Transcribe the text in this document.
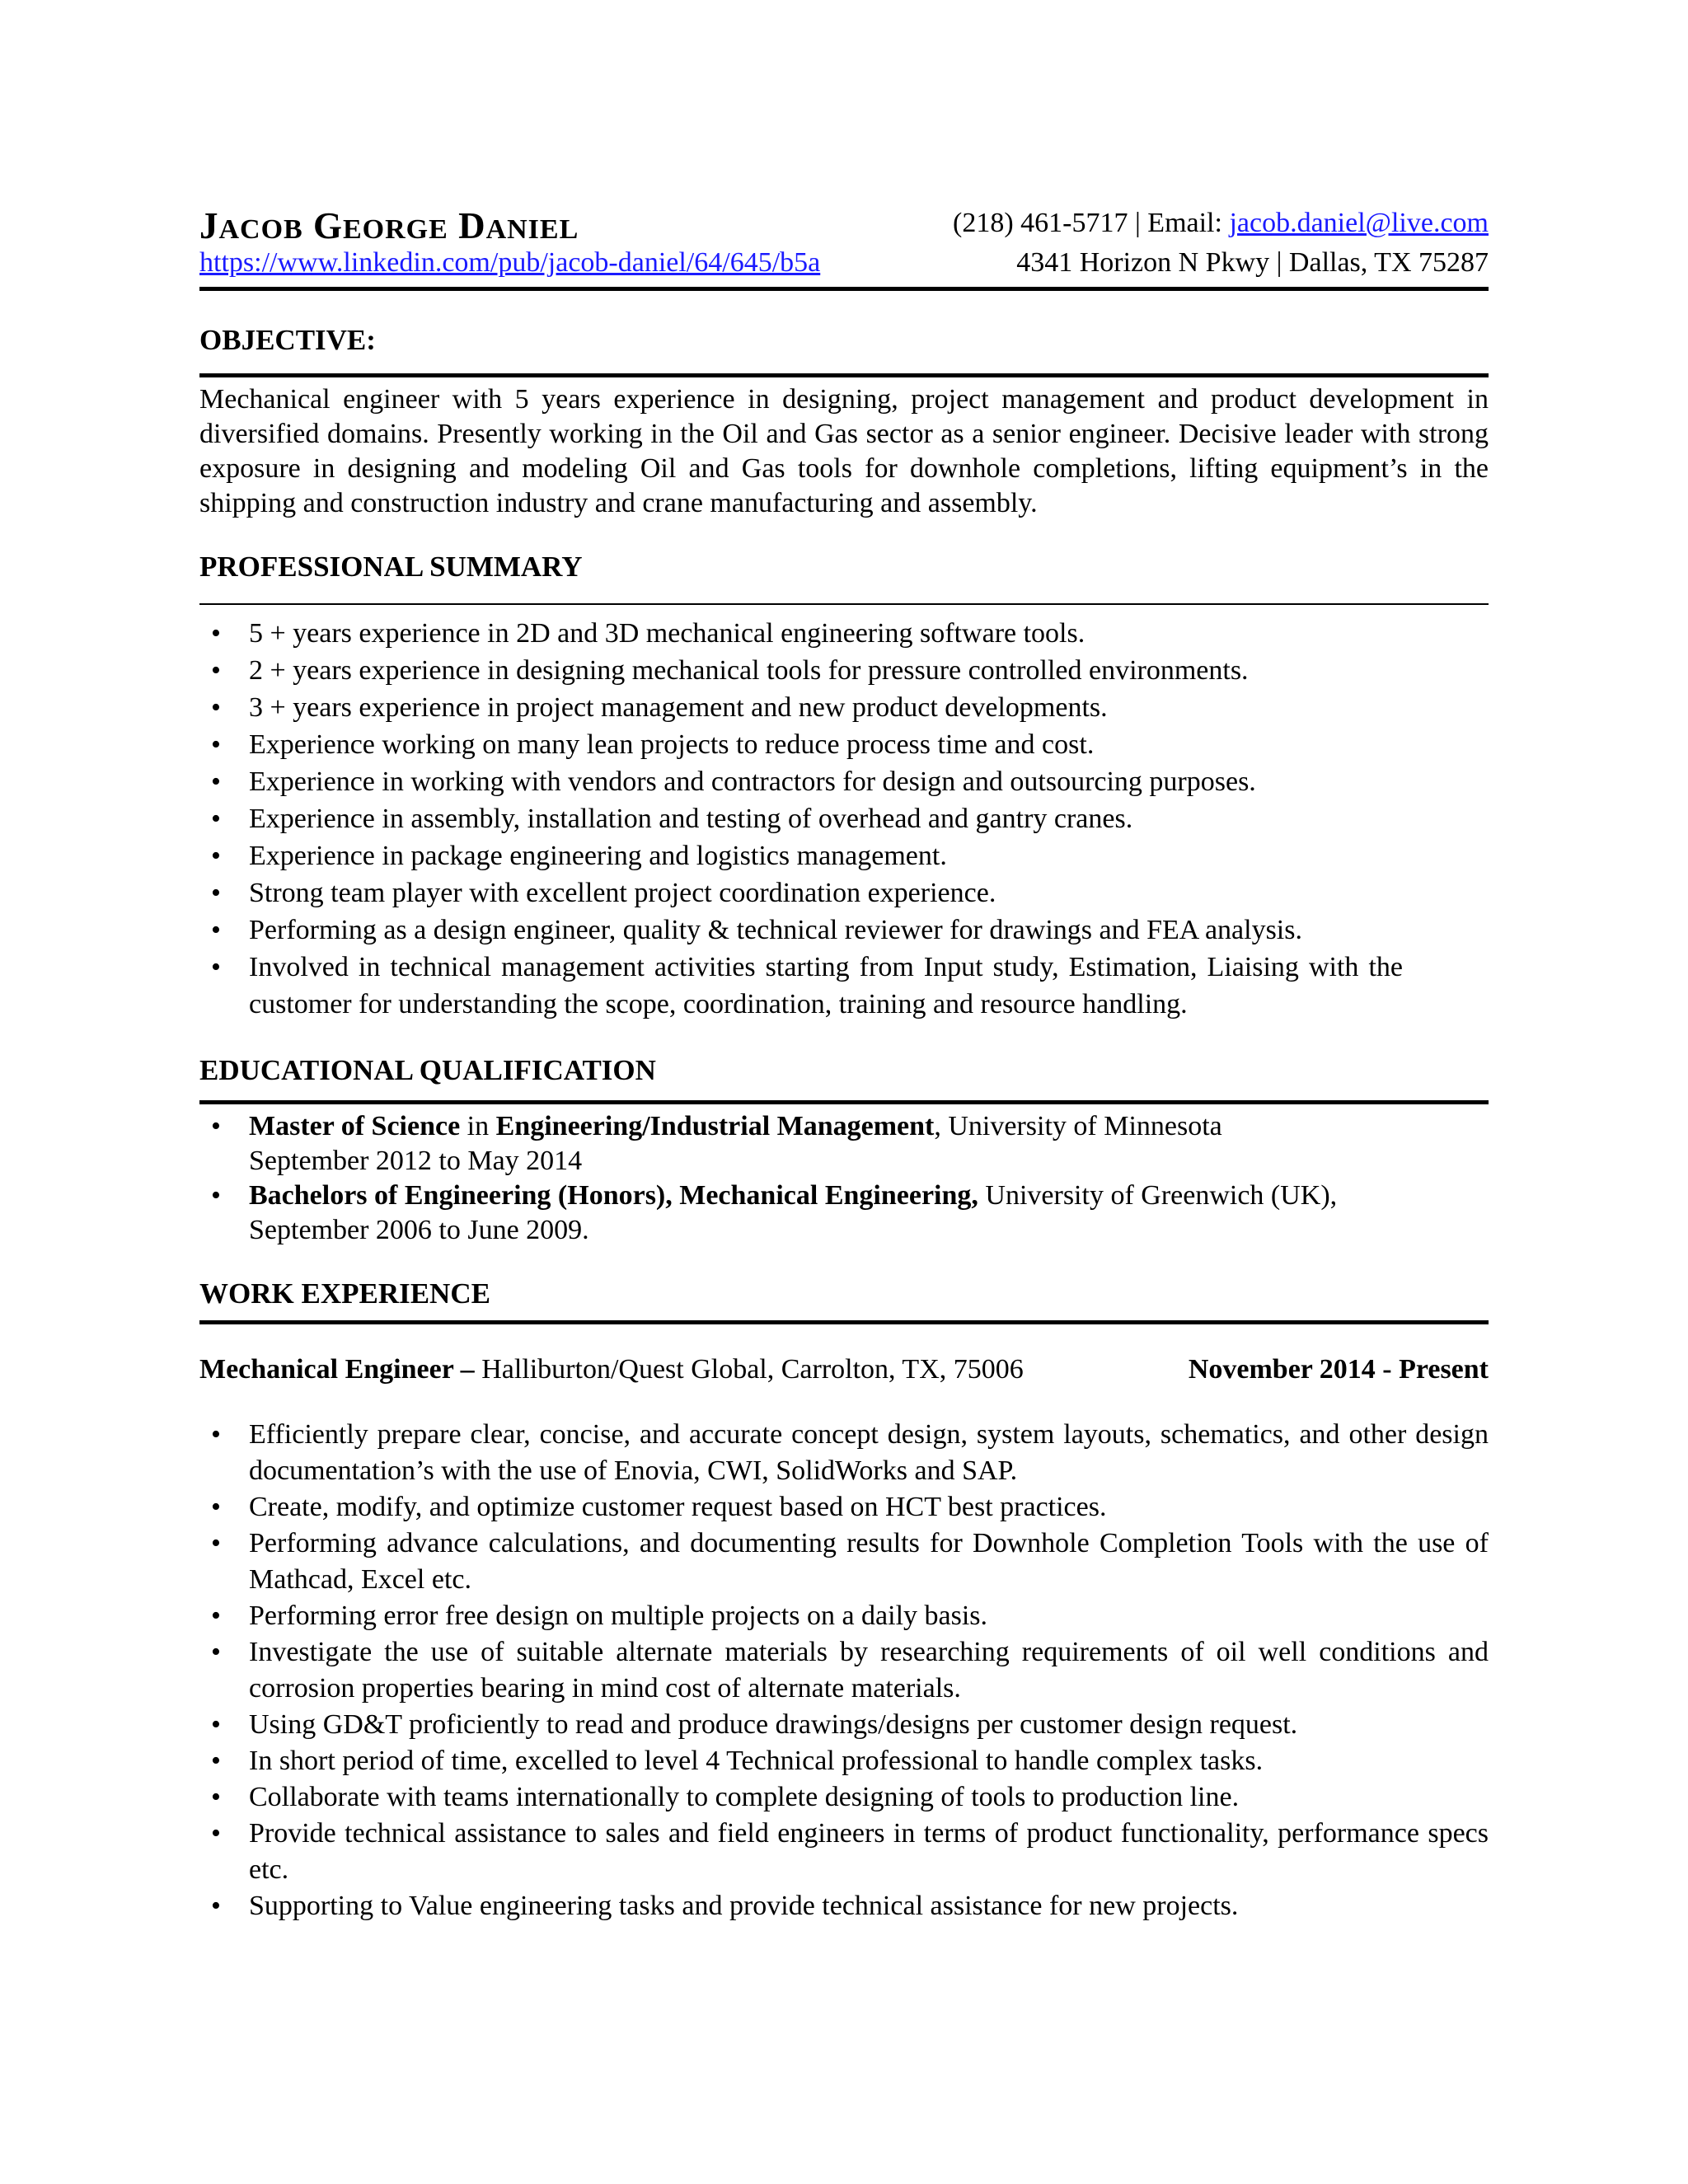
JACOB GEORGE DANIEL	(218) 461-5717 | Email: jacob.daniel@live.com
https://www.linkedin.com/pub/jacob-daniel/64/645/b5a	4341 Horizon N Pkwy | Dallas, TX 75287
OBJECTIVE:
Mechanical engineer with 5 years experience in designing, project management and product development in diversified domains. Presently working in the Oil and Gas sector as a senior engineer. Decisive leader with strong exposure in designing and modeling Oil and Gas tools for downhole completions, lifting equipment’s in the shipping and construction industry and crane manufacturing and assembly.
PROFESSIONAL SUMMARY
• 5 + years experience in 2D and 3D mechanical engineering software tools.
• 2 + years experience in designing mechanical tools for pressure controlled environments.
• 3 + years experience in project management and new product developments.
• Experience working on many lean projects to reduce process time and cost.
• Experience in working with vendors and contractors for design and outsourcing purposes.
• Experience in assembly, installation and testing of overhead and gantry cranes.
• Experience in package engineering and logistics management.
• Strong team player with excellent project coordination experience.
• Performing as a design engineer, quality & technical reviewer for drawings and FEA analysis.
• Involved in technical management activities starting from Input study, Estimation, Liaising with the customer for understanding the scope, coordination, training and resource handling.
EDUCATIONAL QUALIFICATION
• Master of Science in Engineering/Industrial Management, University of Minnesota
September 2012 to May 2014
• Bachelors of Engineering (Honors), Mechanical Engineering, University of Greenwich (UK),
September 2006 to June 2009.
WORK EXPERIENCE
Mechanical Engineer – Halliburton/Quest Global, Carrolton, TX, 75006	November 2014 - Present
• Efficiently prepare clear, concise, and accurate concept design, system layouts, schematics, and other design documentation’s with the use of Enovia, CWI, SolidWorks and SAP.
• Create, modify, and optimize customer request based on HCT best practices.
• Performing advance calculations, and documenting results for Downhole Completion Tools with the use of Mathcad, Excel etc.
• Performing error free design on multiple projects on a daily basis.
• Investigate the use of suitable alternate materials by researching requirements of oil well conditions and corrosion properties bearing in mind cost of alternate materials.
• Using GD&T proficiently to read and produce drawings/designs per customer design request.
• In short period of time, excelled to level 4 Technical professional to handle complex tasks.
• Collaborate with teams internationally to complete designing of tools to production line.
• Provide technical assistance to sales and field engineers in terms of product functionality, performance specs etc.
• Supporting to Value engineering tasks and provide technical assistance for new projects.
